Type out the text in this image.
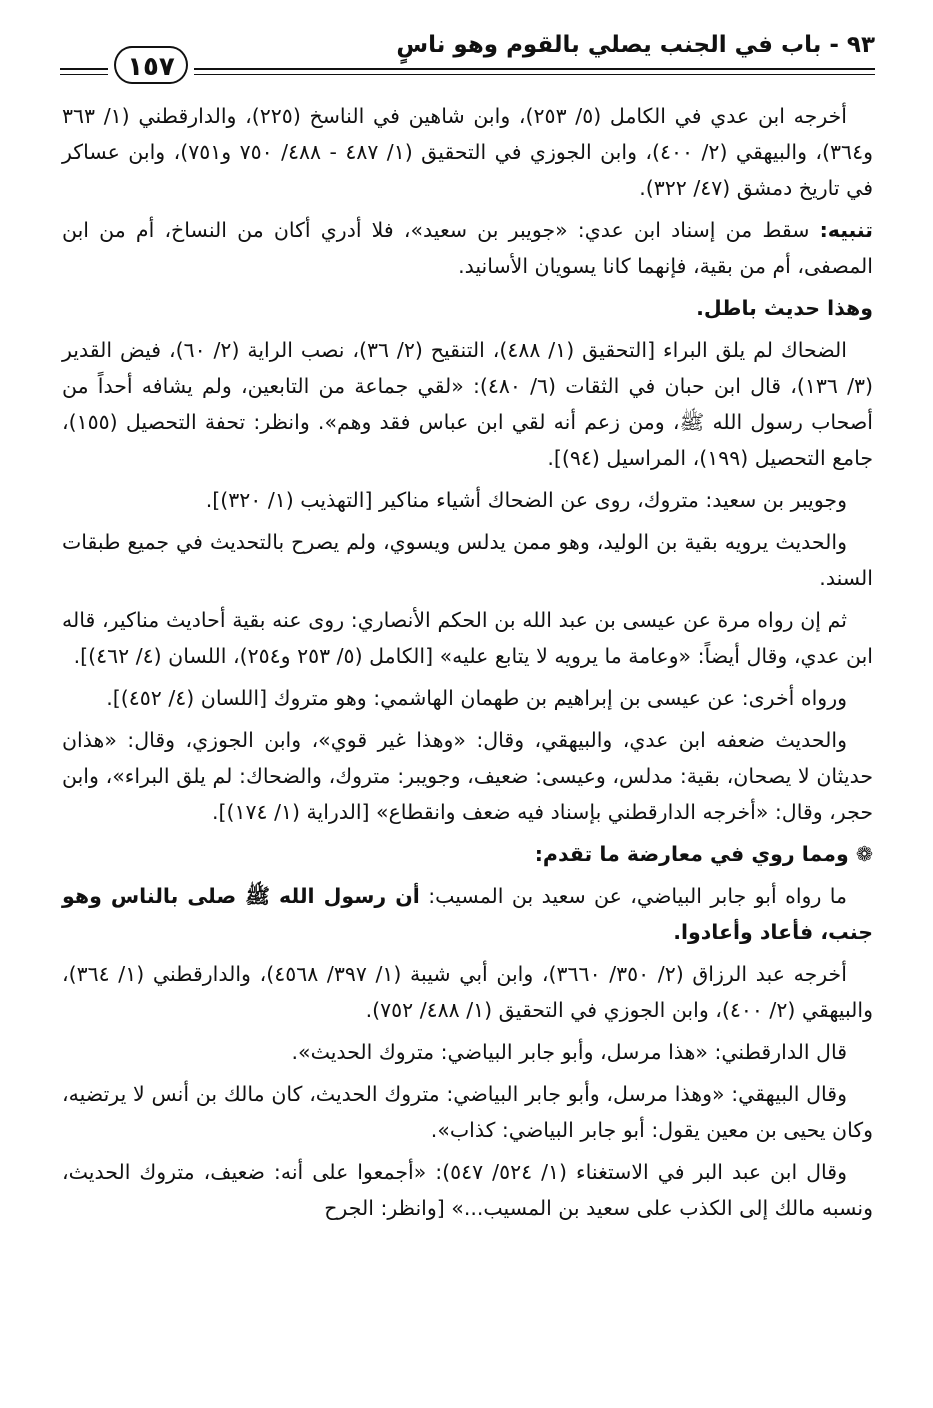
٩٣ - باب في الجنب يصلي بالقوم وهو ناسٍ
١٥٧

أخرجه ابن عدي في الكامل (٥/ ٢٥٣)، وابن شاهين في الناسخ (٢٢٥)، والدارقطني (١/ ٣٦٣ و٣٦٤)، والبيهقي (٢/ ٤٠٠)، وابن الجوزي في التحقيق (١/ ٤٨٧ - ٤٨٨/ ٧٥٠ و٧٥١)، وابن عساكر في تاريخ دمشق (٤٧/ ٣٢٢).

تنبيه: سقط من إسناد ابن عدي: «جويبر بن سعيد»، فلا أدري أكان من النساخ، أم من ابن المصفى، أم من بقية، فإنهما كانا يسويان الأسانيد.

وهذا حديث باطل.

الضحاك لم يلق البراء [التحقيق (١/ ٤٨٨)، التنقيح (٢/ ٣٦)، نصب الراية (٢/ ٦٠)، فيض القدير (٣/ ١٣٦)، قال ابن حبان في الثقات (٦/ ٤٨٠): «لقي جماعة من التابعين، ولم يشافه أحداً من أصحاب رسول الله ﷺ، ومن زعم أنه لقي ابن عباس فقد وهم». وانظر: تحفة التحصيل (١٥٥)، جامع التحصيل (١٩٩)، المراسيل (٩٤)].

وجويبر بن سعيد: متروك، روى عن الضحاك أشياء مناكير [التهذيب (١/ ٣٢٠)].

والحديث يرويه بقية بن الوليد، وهو ممن يدلس ويسوي، ولم يصرح بالتحديث في جميع طبقات السند.

ثم إن رواه مرة عن عيسى بن عبد الله بن الحكم الأنصاري: روى عنه بقية أحاديث مناكير، قاله ابن عدي، وقال أيضاً: «وعامة ما يرويه لا يتابع عليه» [الكامل (٥/ ٢٥٣ و٢٥٤)، اللسان (٤/ ٤٦٢)].

ورواه أخرى: عن عيسى بن إبراهيم بن طهمان الهاشمي: وهو متروك [اللسان (٤/ ٤٥٢)].

والحديث ضعفه ابن عدي، والبيهقي، وقال: «وهذا غير قوي»، وابن الجوزي، وقال: «هذان حديثان لا يصحان، بقية: مدلس، وعيسى: ضعيف، وجويبر: متروك، والضحاك: لم يلق البراء»، وابن حجر، وقال: «أخرجه الدارقطني بإسناد فيه ضعف وانقطاع» [الدراية (١/ ١٧٤)].

❁ ومما روي في معارضة ما تقدم:

ما رواه أبو جابر البياضي، عن سعيد بن المسيب: أن رسول الله ﷺ صلى بالناس وهو جنب، فأعاد وأعادوا.

أخرجه عبد الرزاق (٢/ ٣٥٠/ ٣٦٦٠)، وابن أبي شيبة (١/ ٣٩٧/ ٤٥٦٨)، والدارقطني (١/ ٣٦٤)، والبيهقي (٢/ ٤٠٠)، وابن الجوزي في التحقيق (١/ ٤٨٨/ ٧٥٢).

قال الدارقطني: «هذا مرسل، وأبو جابر البياضي: متروك الحديث».

وقال البيهقي: «وهذا مرسل، وأبو جابر البياضي: متروك الحديث، كان مالك بن أنس لا يرتضيه، وكان يحيى بن معين يقول: أبو جابر البياضي: كذاب».

وقال ابن عبد البر في الاستغناء (١/ ٥٢٤/ ٥٤٧): «أجمعوا على أنه: ضعيف، متروك الحديث، ونسبه مالك إلى الكذب على سعيد بن المسيب...» [وانظر: الجرح
